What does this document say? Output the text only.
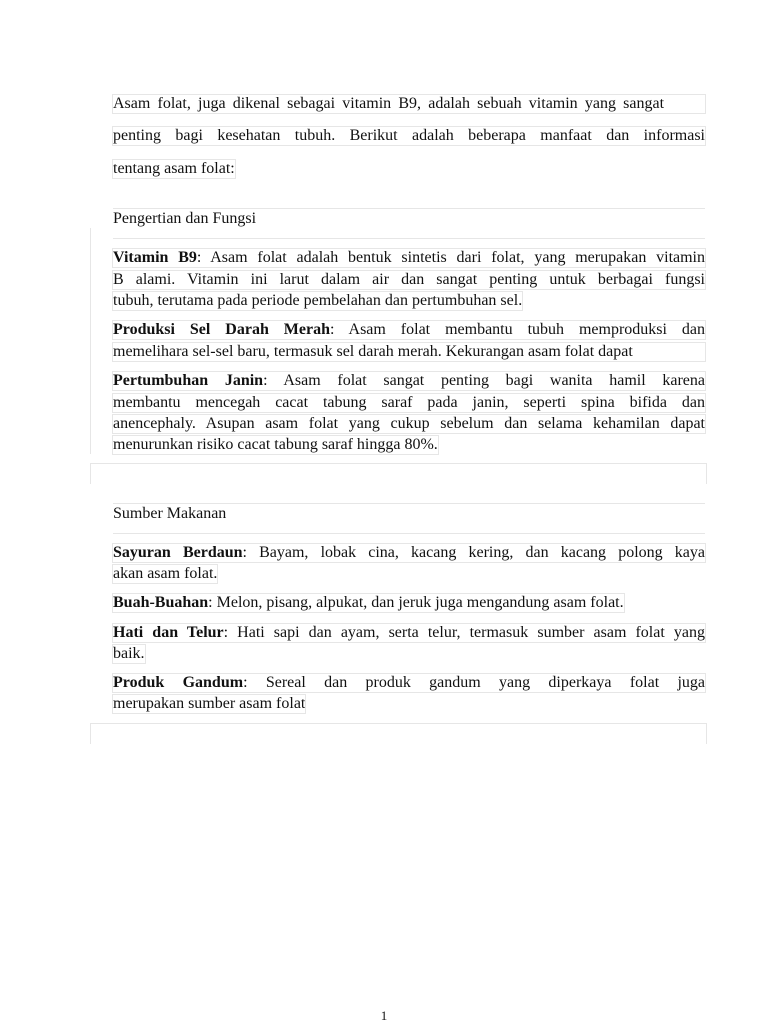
Asam folat, juga dikenal sebagai vitamin B9, adalah sebuah vitamin yang sangat
penting bagi kesehatan tubuh. Berikut adalah beberapa manfaat dan informasi
tentang asam folat:
Pengertian dan Fungsi
Vitamin B9: Asam folat adalah bentuk sintetis dari folat, yang merupakan vitamin
B alami. Vitamin ini larut dalam air dan sangat penting untuk berbagai fungsi
tubuh, terutama pada periode pembelahan dan pertumbuhan sel.
Produksi Sel Darah Merah: Asam folat membantu tubuh memproduksi dan
memelihara sel-sel baru, termasuk sel darah merah. Kekurangan asam folat dapat
Pertumbuhan Janin: Asam folat sangat penting bagi wanita hamil karena
membantu mencegah cacat tabung saraf pada janin, seperti spina bifida dan
anencephaly. Asupan asam folat yang cukup sebelum dan selama kehamilan dapat
menurunkan risiko cacat tabung saraf hingga 80%.
Sumber Makanan
Sayuran Berdaun: Bayam, lobak cina, kacang kering, dan kacang polong kaya
akan asam folat.
Buah-Buahan: Melon, pisang, alpukat, dan jeruk juga mengandung asam folat.
Hati dan Telur: Hati sapi dan ayam, serta telur, termasuk sumber asam folat yang
baik.
Produk Gandum: Sereal dan produk gandum yang diperkaya folat juga
merupakan sumber asam folat
1
